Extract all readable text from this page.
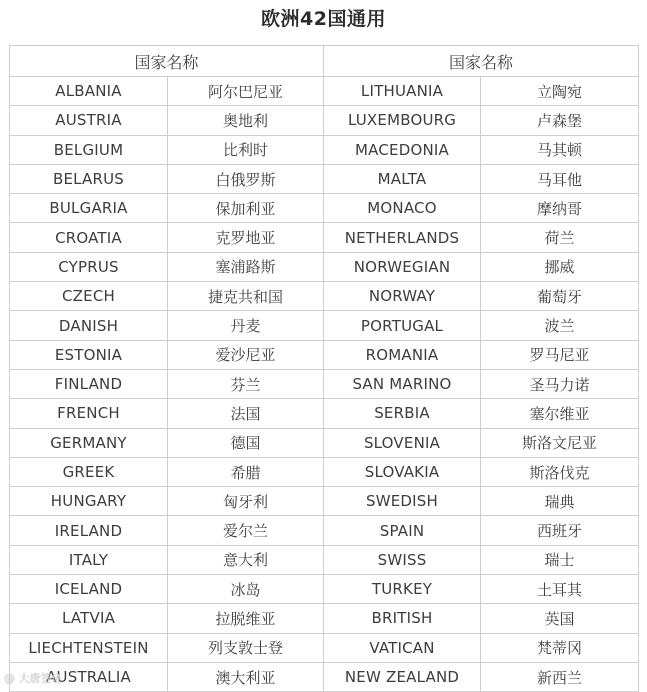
欧洲42国通用
国家名称		国家名称	
ALBANIA	阿尔巴尼亚	LITHUANIA	立陶宛
AUSTRIA	奥地利	LUXEMBOURG	卢森堡
BELGIUM	比利时	MACEDONIA	马其顿
BELARUS	白俄罗斯	MALTA	马耳他
BULGARIA	保加利亚	MONACO	摩纳哥
CROATIA	克罗地亚	NETHERLANDS	荷兰
CYPRUS	塞浦路斯	NORWEGIAN	挪威
CZECH	捷克共和国	NORWAY	葡萄牙
DANISH	丹麦	PORTUGAL	波兰
ESTONIA	爱沙尼亚	ROMANIA	罗马尼亚
FINLAND	芬兰	SAN MARINO	圣马力诺
FRENCH	法国	SERBIA	塞尔维亚
GERMANY	德国	SLOVENIA	斯洛文尼亚
GREEK	希腊	SLOVAKIA	斯洛伐克
HUNGARY	匈牙利	SWEDISH	瑞典
IRELAND	爱尔兰	SPAIN	西班牙
ITALY	意大利	SWISS	瑞士
ICELAND	冰岛	TURKEY	土耳其
LATVIA	拉脱维亚	BRITISH	英国
LIECHTENSTEIN	列支敦士登	VATICAN	梵蒂冈
AUSTRALIA	澳大利亚	NEW ZEALAND	新西兰
@ 大唐签证
